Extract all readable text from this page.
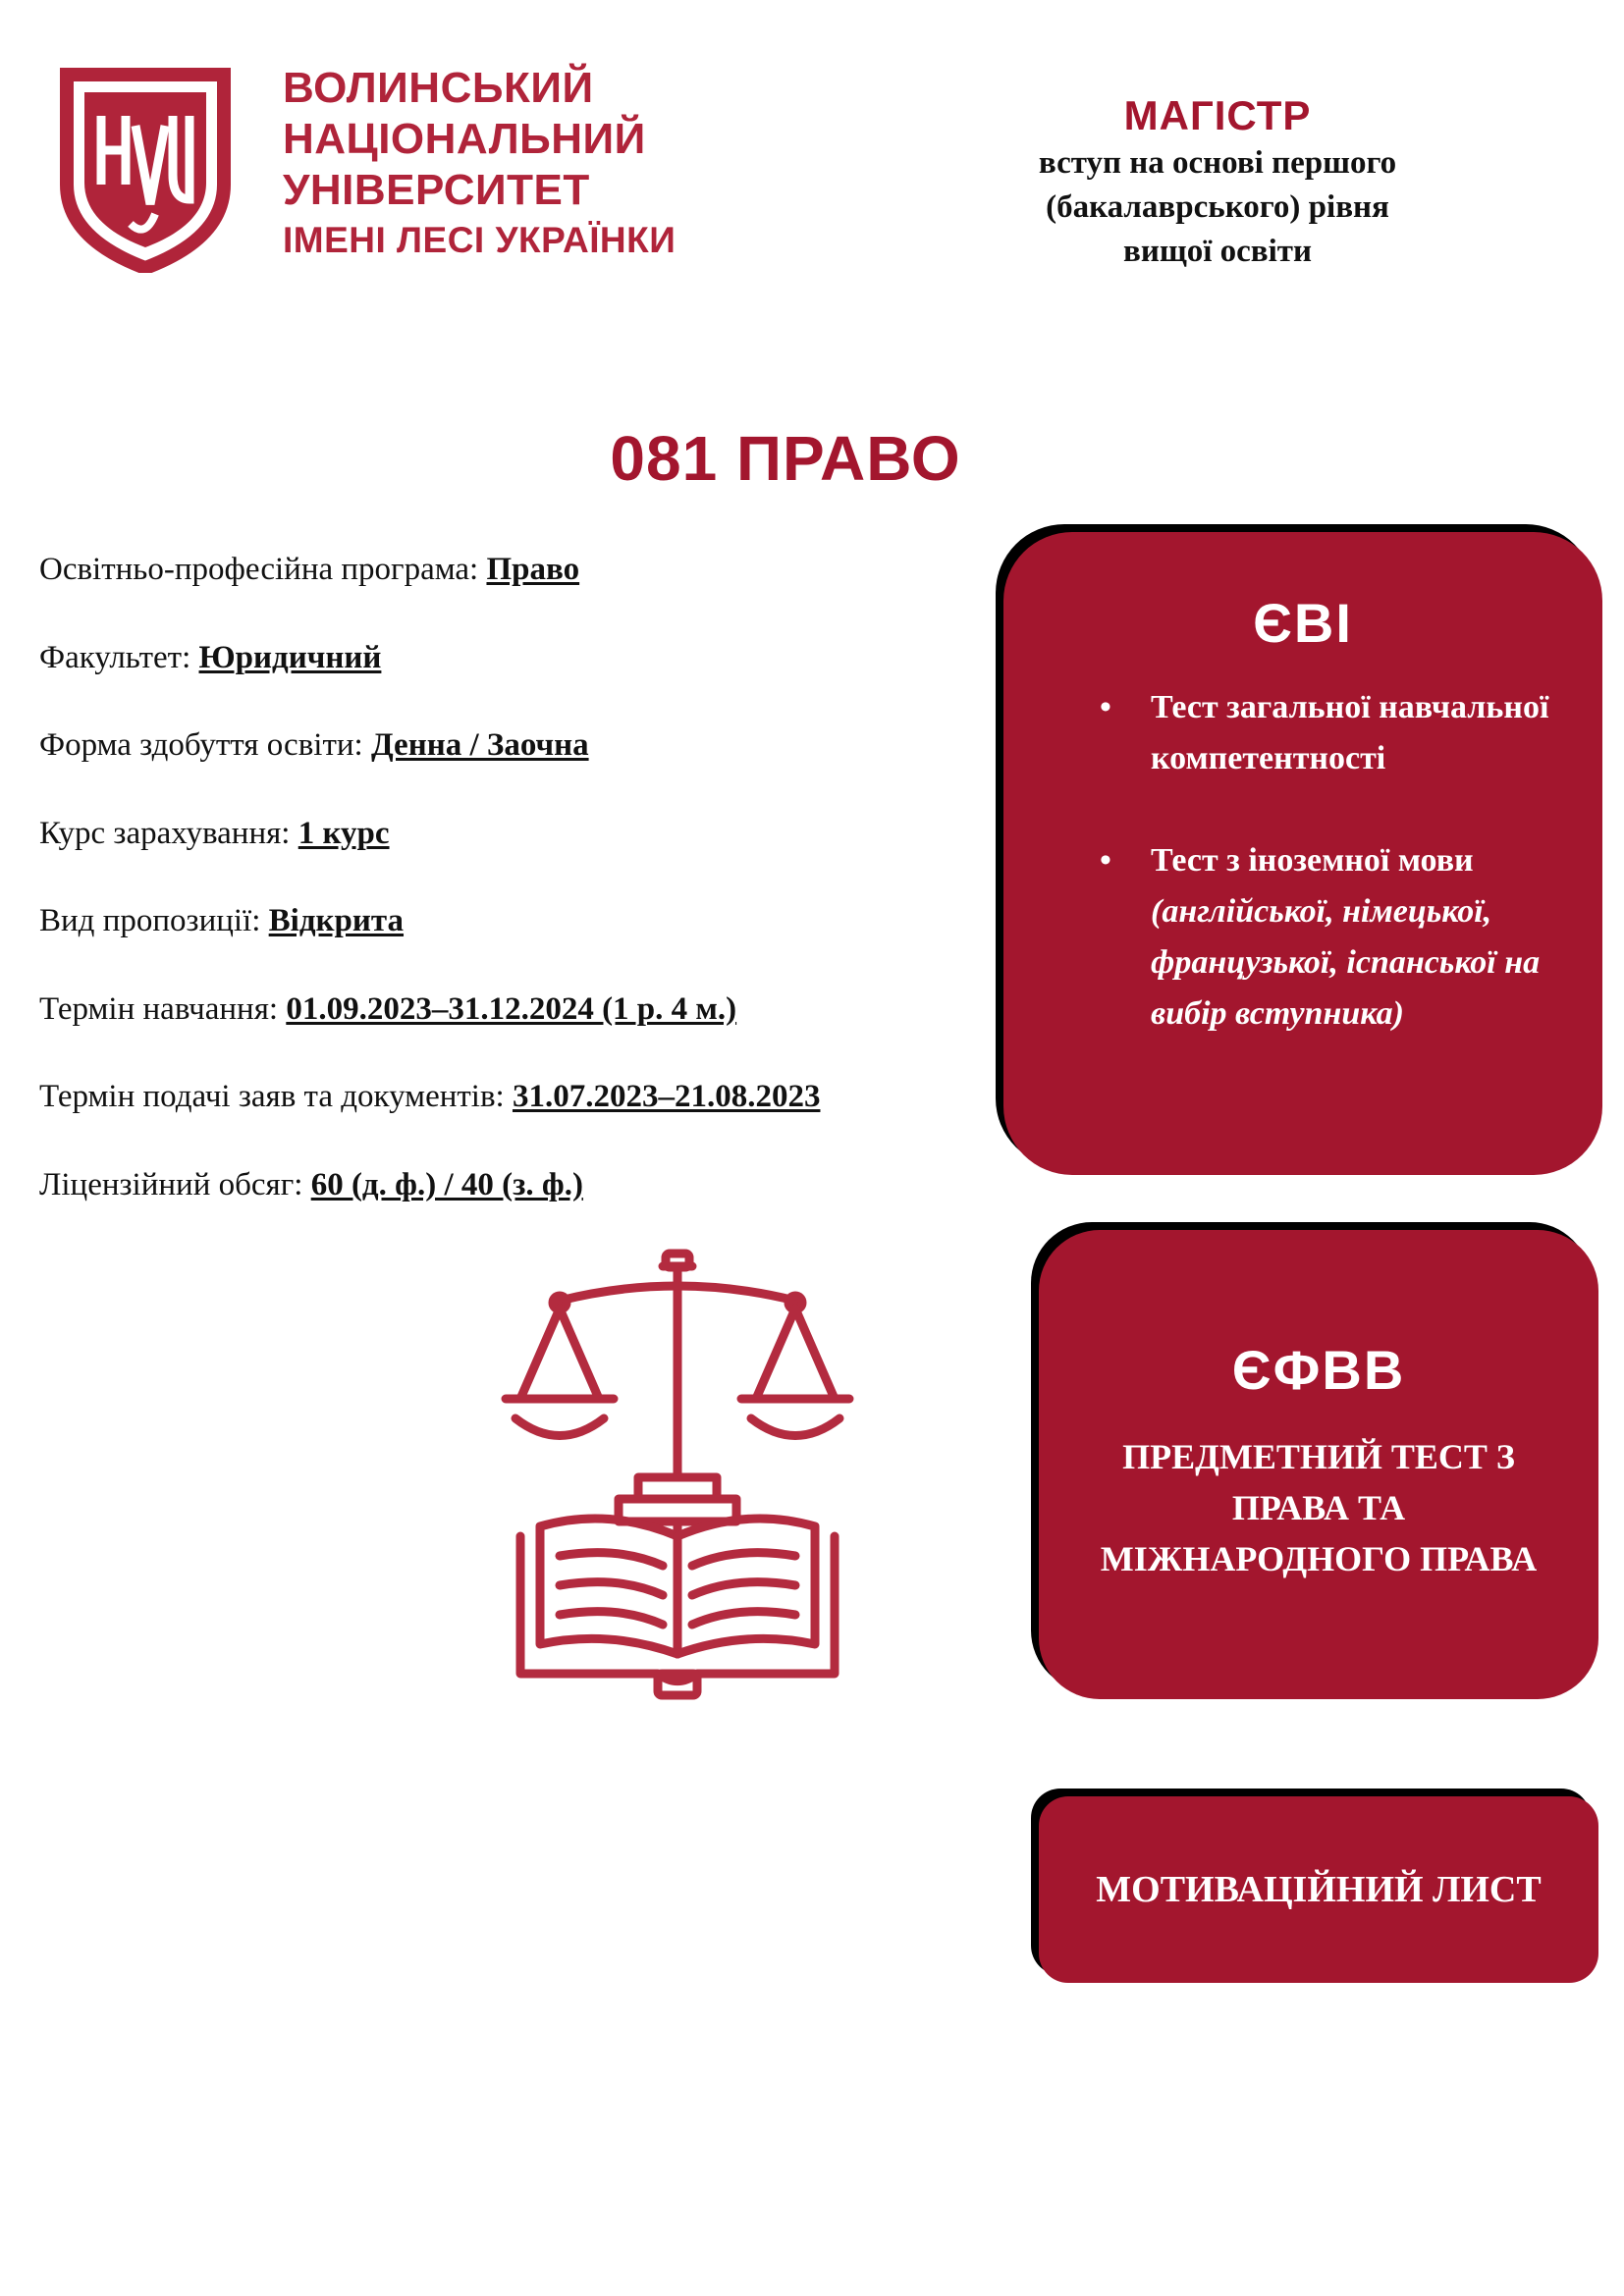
ВОЛИНСЬКИЙ
НАЦІОНАЛЬНИЙ
УНІВЕРСИТЕТ
ІМЕНІ ЛЕСІ УКРАЇНКИ
МАГІСТР
вступ на основі першого
(бакалаврського) рівня
вищої освіти
081 ПРАВО
Освітньо-професійна програма: Право
Факультет: Юридичний
Форма здобуття освіти: Денна / Заочна
Курс зарахування: 1 курс
Вид пропозиції: Відкрита
Термін навчання: 01.09.2023–31.12.2024 (1 р. 4 м.)
Термін подачі заяв та документів: 31.07.2023–21.08.2023
Ліцензійний обсяг: 60 (д. ф.) / 40 (з. ф.)
ЄВІ
• Тест загальної навчальної компетентності
• Тест з іноземної мови
(англійської, німецької, французької, іспанської на вибір вступника)
ЄФВВ
ПРЕДМЕТНИЙ ТЕСТ З ПРАВА ТА МІЖНАРОДНОГО ПРАВА
МОТИВАЦІЙНИЙ ЛИСТ
